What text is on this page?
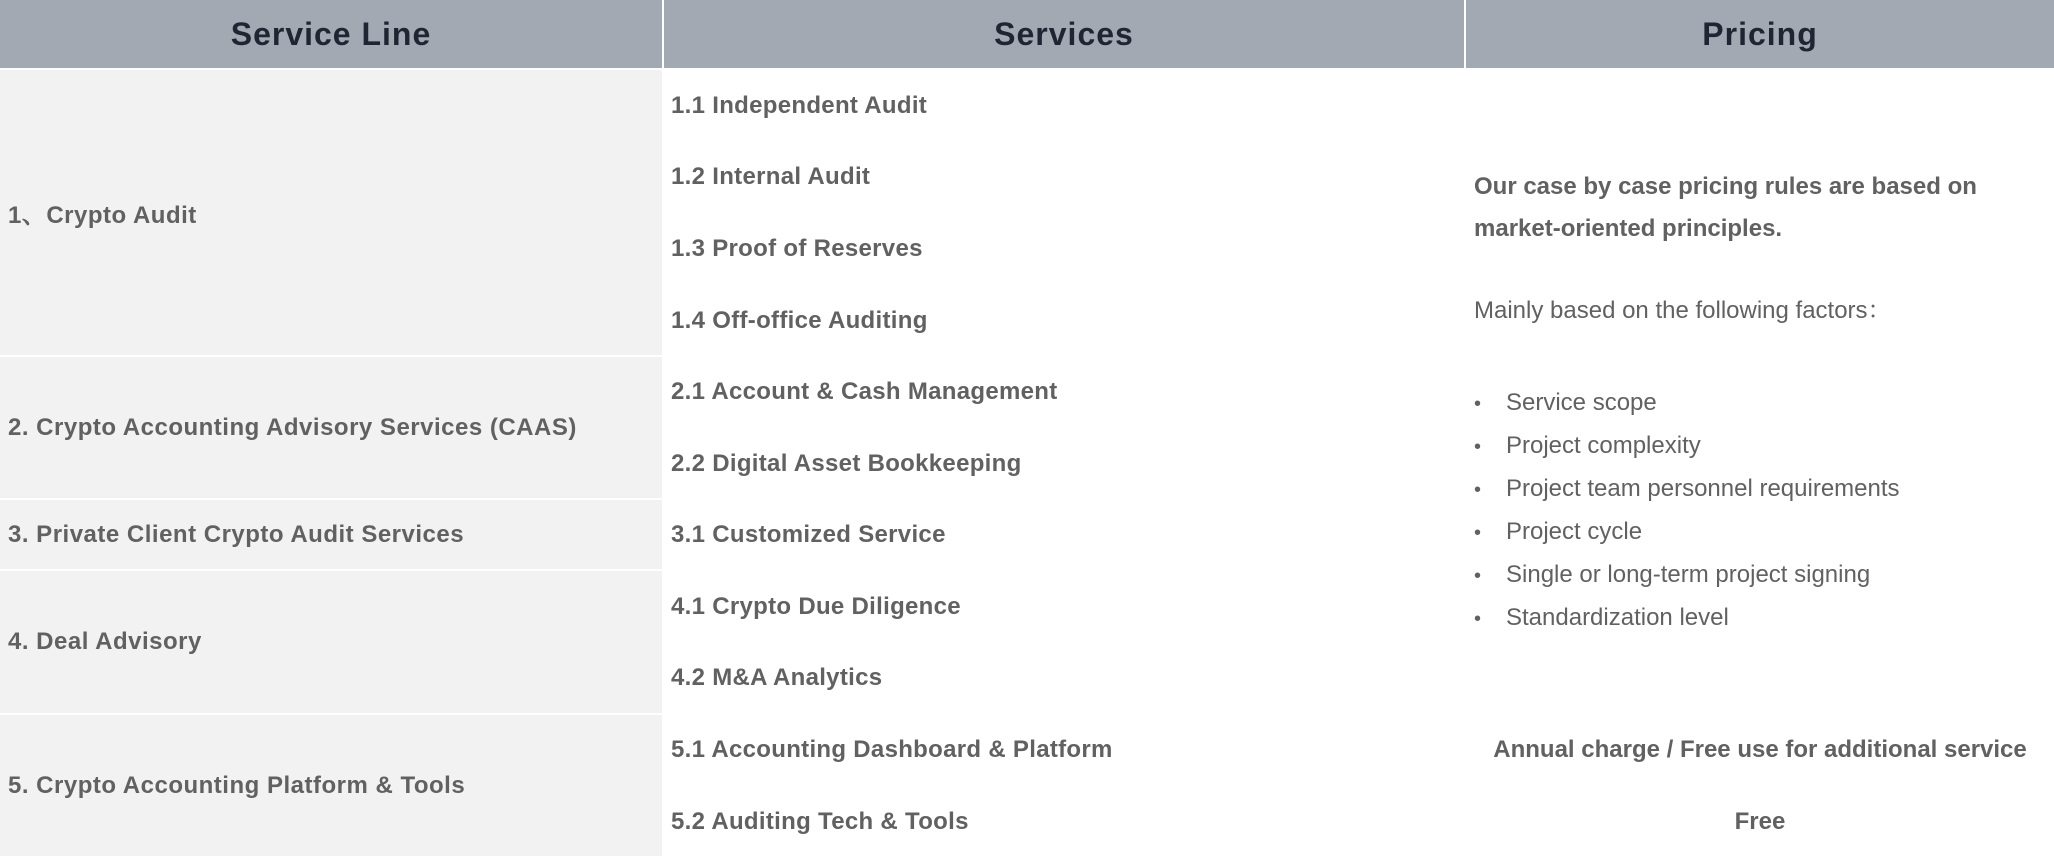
Service Line	Services	Pricing
1、Crypto Audit
2. Crypto Accounting Advisory Services (CAAS)
3. Private Client Crypto Audit Services
4. Deal Advisory
5. Crypto Accounting Platform & Tools
1.1 Independent Audit
1.2 Internal Audit
1.3 Proof of Reserves
1.4 Off-office Auditing
2.1 Account & Cash Management
2.2 Digital Asset Bookkeeping
3.1 Customized Service
4.1 Crypto Due Diligence
4.2 M&A Analytics
5.1 Accounting Dashboard & Platform
5.2 Auditing Tech & Tools
Our case by case pricing rules are based on market-oriented principles.
Mainly based on the following factors：
• Service scope
• Project complexity
• Project team personnel requirements
• Project cycle
• Single or long-term project signing
• Standardization level
Annual charge / Free use for additional service
Free
